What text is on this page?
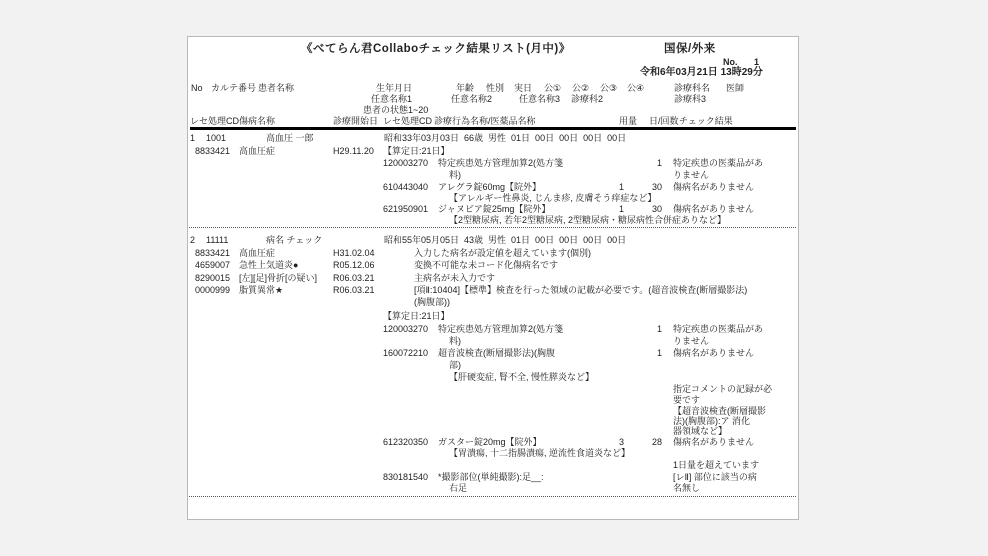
《べてらん君Collaboチェック結果リスト(月中)》	国保/外来
No. 1
令和6年03月21日 13時29分
No カルテ番号 患者名称	生年月日	年齢 性別 実日 公① 公② 公③ 公④	診療科名 医師
任意名称1	任意名称2	任意名称3 診療科2	診療科3
患者の状態1~20
レセ処理CD 傷病名称	診療開始日 レセ処理CD 診療行為名称/医薬品名称	用量 日/回数 チェック結果
1 1001	高血圧 一郎	昭和33年03月03日  66歳  男性  01日  00日  00日  00日  00日
8833421 高血圧症	H29.11.20 【算定日:21日】
120003270 特定疾患処方管理加算2(処方箋	1 特定疾患の医薬品があ
料)	りません
610443040 アレグラ錠60mg【院外】	1	30 傷病名がありません
【アレルギー性鼻炎, じんま疹, 皮膚そう痒症など】
621950901 ジャヌビア錠25mg【院外】	1	30 傷病名がありません
【2型糖尿病, 若年2型糖尿病, 2型糖尿病・糖尿病性合併症ありなど】
2 11111	病名 チェック	昭和55年05月05日  43歳  男性  01日  00日  00日  00日  00日
8833421 高血圧症	H31.02.04	入力した病名が設定値を超えています(個別)
4659007 急性上気道炎●	R05.12.06	変換不可能な未コード化傷病名です
8290015 [左][足]骨折[の疑い] R06.03.21	主病名が未入力です
0000999 脂質異常★	R06.03.21	[項Ⅱ:10404]【標準】検査を行った領域の記載が必要です。(超音波検査(断層撮影法)
(胸腹部))
【算定日:21日】
120003270 特定疾患処方管理加算2(処方箋	1 特定疾患の医薬品があ
料)	りません
160072210 超音波検査(断層撮影法)(胸腹	1 傷病名がありません
部)
【肝硬変症, 腎不全, 慢性膵炎など】
指定コメントの記録が必
要です
【超音波検査(断層撮影
法)(胸腹部):ア 消化
器領域など】
612320350 ガスター錠20mg【院外】	3	28 傷病名がありません
【胃潰瘍, 十二指腸潰瘍, 逆流性食道炎など】
1日量を超えています
830181540 *撮影部位(単純撮影):足__:	[レⅡ] 部位に該当の病
右足	名無し
